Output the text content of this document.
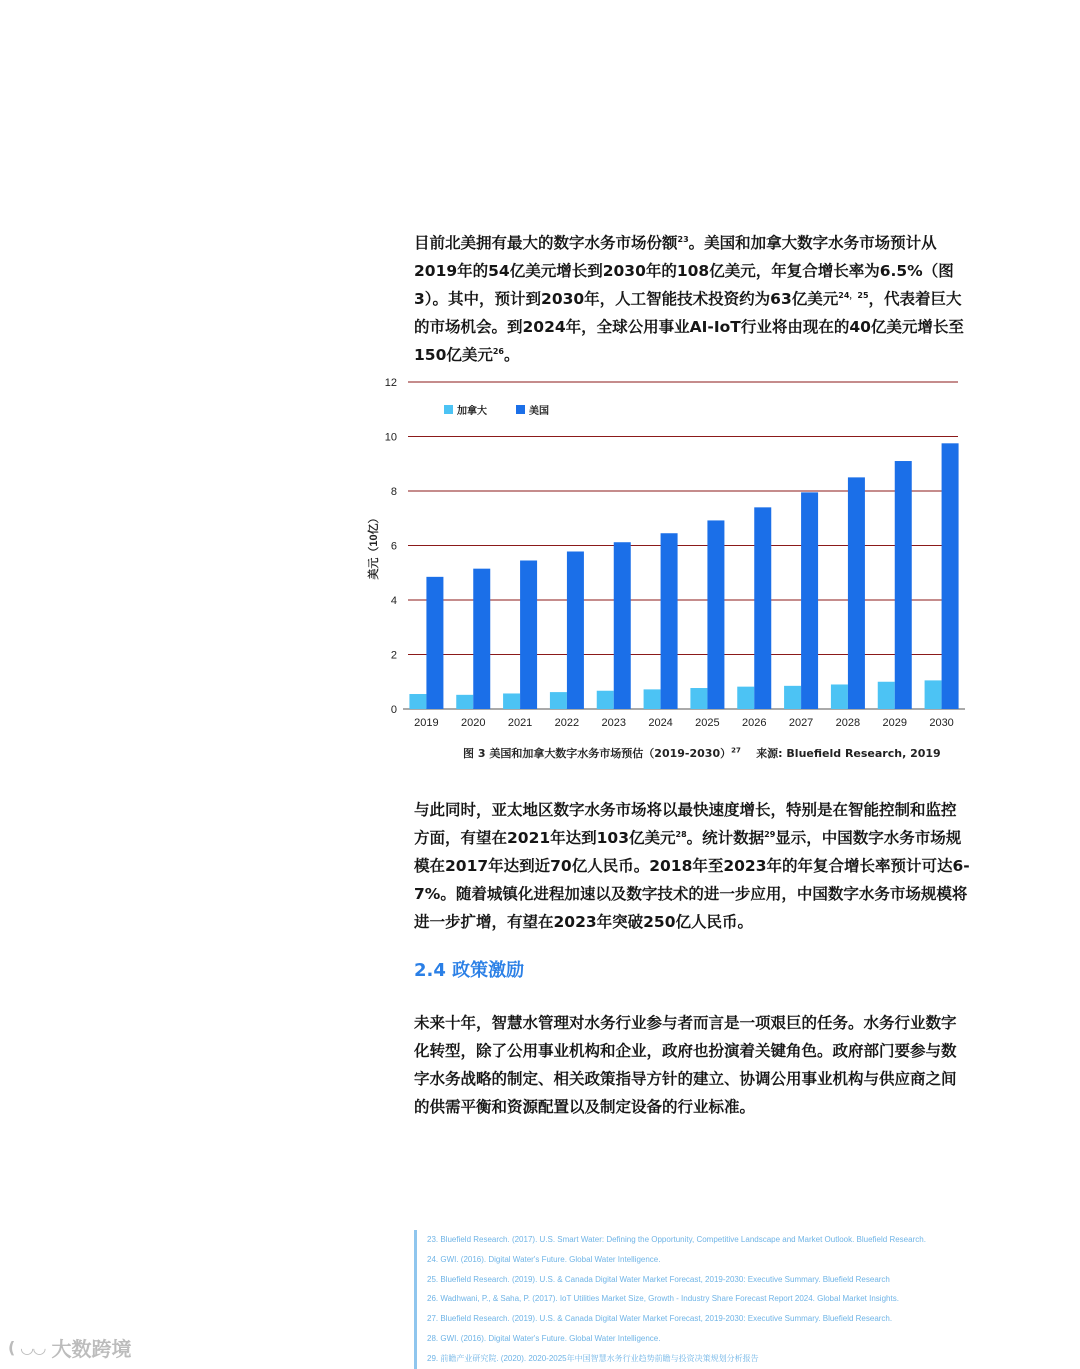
目前北美拥有最大的数字水务市场份额$^{23}$。美国和加拿大数字水务市场预计从2019年的54亿美元增长到2030年的108亿美元，年复合增长率为6.5%（图3）。其中，预计到2030年，人工智能技术投资约为63亿美元$^{24,25}$，代表着巨大的市场机会。到2024年，全球公用事业AI-IoT行业将由现在的40亿美元增长至150亿美元$^{26}$。

0
2
4
6
8
10
12
2019 2020 2021 2022 2023 2024 2025 2026 2027 2028 2029 2030
加拿大	美国
美元（10亿）
图 3 美国和加拿大数字水务市场预估（2019-2030）$^{27}$ 来源: Bluefield Research, 2019

与此同时，亚太地区数字水务市场将以最快速度增长，特别是在智能控制和监控方面，有望在2021年达到103亿美元$^{28}$。统计数据$^{29}$显示，中国数字水务市场规模在2017年达到近70亿人民币。2018年至2023年的年复合增长率预计可达6-7%。随着城镇化进程加速以及数字技术的进一步应用，中国数字水务市场规模将进一步扩增，有望在2023年突破250亿人民币。

2.4 政策激励

未来十年，智慧水管理对水务行业参与者而言是一项艰巨的任务。水务行业数字化转型，除了公用事业机构和企业，政府也扮演着关键角色。政府部门要参与数字水务战略的制定、相关政策指导方针的建立、协调公用事业机构与供应商之间的供需平衡和资源配置以及制定设备的行业标准。

23. Bluefield Research. (2017). U.S. Smart Water: Defining the Opportunity, Competitive Landscape and Market Outlook. Bluefield Research.
24. GWI. (2016). Digital Water's Future. Global Water Intelligence.
25. Bluefield Research. (2019). U.S. & Canada Digital Water Market Forecast, 2019-2030: Executive Summary. Bluefield Research
26. Wadhwani, P., & Saha, P. (2017). IoT Utilities Market Size, Growth - Industry Share Forecast Report 2024. Global Market Insights.
27. Bluefield Research. (2019). U.S. & Canada Digital Water Market Forecast, 2019-2030: Executive Summary. Bluefield Research.
28. GWI. (2016). Digital Water's Future. Global Water Intelligence.
29. 前瞻产业研究院. (2020). 2020-2025年中国智慧水务行业趋势前瞻与投资决策规划分析报告
( ◡◡ 大数跨境
